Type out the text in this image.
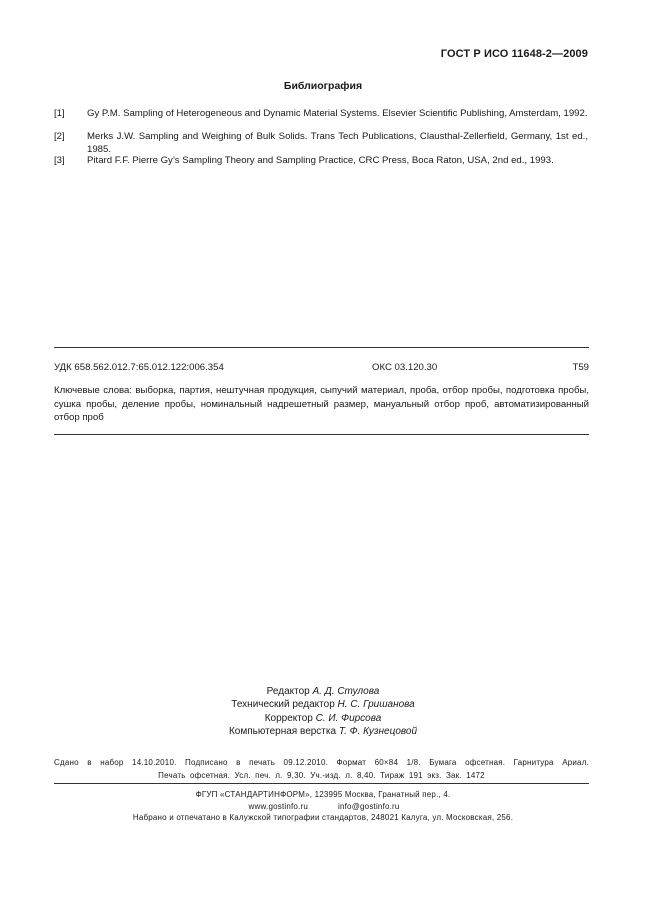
ГОСТ Р ИСО 11648-2—2009
Библиография
[1] Gy P.M. Sampling of Heterogeneous and Dynamic Material Systems. Elsevier Scientific Publishing, Amsterdam, 1992.
[2] Merks J.W. Sampling and Weighing of Bulk Solids. Trans Tech Publications, Clausthal-Zellerfield, Germany, 1st ed., 1985.
[3] Pitard F.F. Pierre Gy’s Sampling Theory and Sampling Practice, CRC Press, Boca Raton, USA, 2nd ed., 1993.
УДК 658.562.012.7:65.012.122:006.354	ОКС 03.120.30	Т59
Ключевые слова: выборка, партия, нештучная продукция, сыпучий материал, проба, отбор пробы, подготовка пробы, сушка пробы, деление пробы, номинальный надрешетный размер, мануальный отбор проб, автоматизированный отбор проб
Редактор А. Д. Стулова
Технический редактор Н. С. Гришанова
Корректор С. И. Фирсова
Компьютерная верстка Т. Ф. Кузнецовой
Сдано в набор 14.10.2010. Подписано в печать 09.12.2010. Формат 60×84 1/8. Бумага офсетная. Гарнитура Ариал.
Печать офсетная. Усл. печ. л. 9,30. Уч.-изд. л. 8,40. Тираж 191 экз. Зак. 1472
ФГУП «СТАНДАРТИНФОРМ», 123995 Москва, Гранатный пер., 4.
www.gostinfo.ru	info@gostinfo.ru
Набрано и отпечатано в Калужской типографии стандартов, 248021 Калуга, ул. Московская, 256.
